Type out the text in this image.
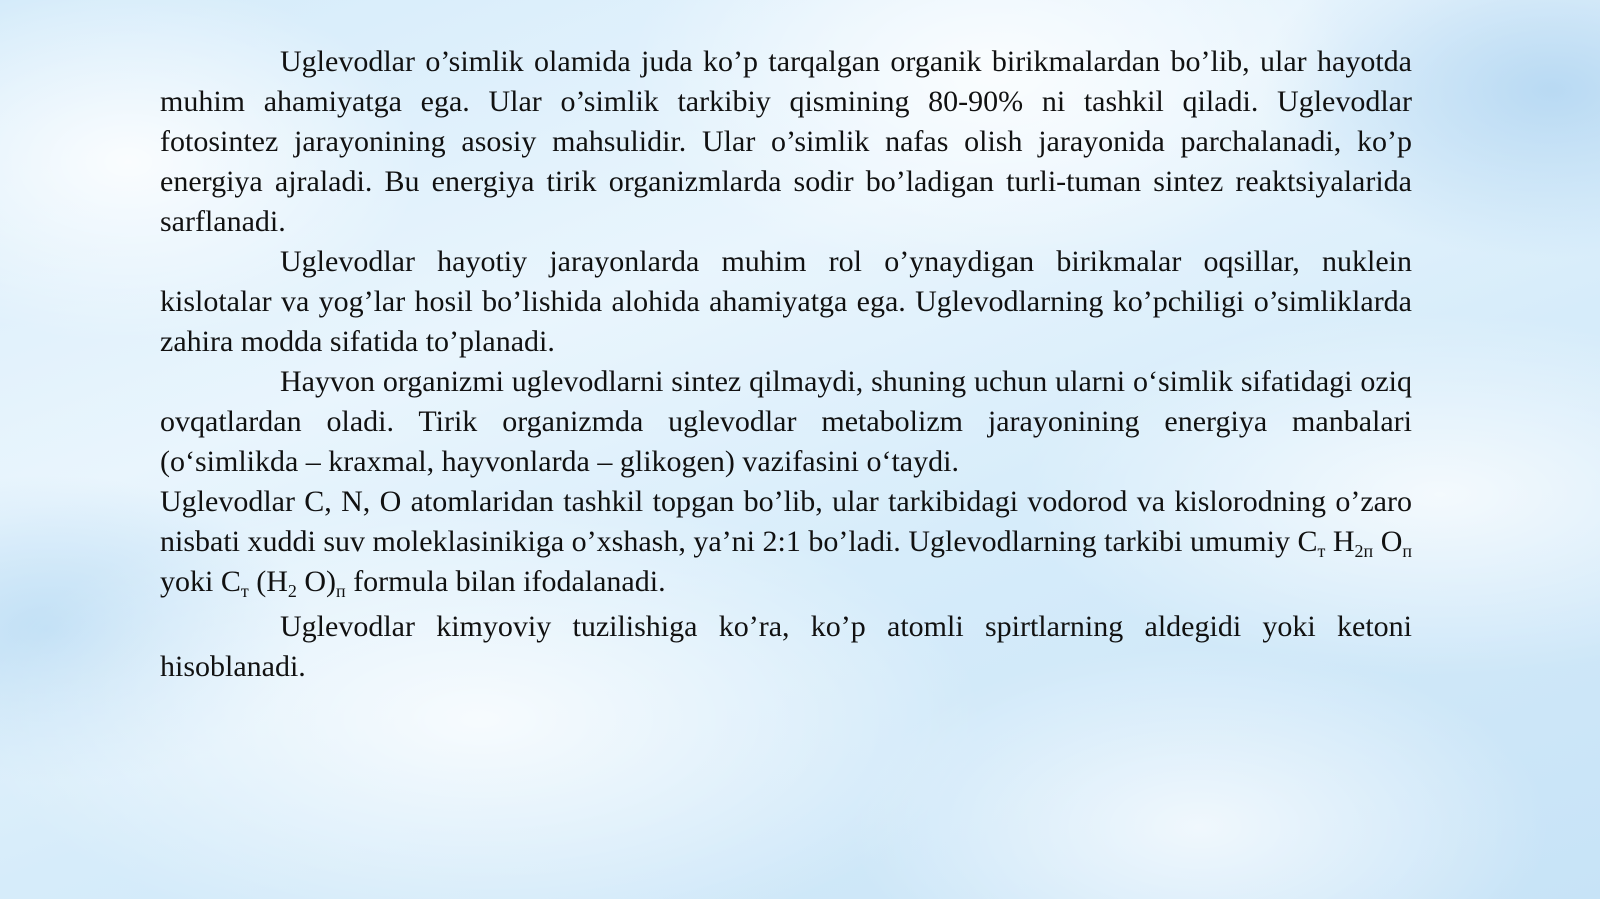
Uglevodlar o’simlik olamida juda ko’p tarqalgan organik birikmalardan bo’lib, ular hayotda muhim ahamiyatga ega. Ular o’simlik tarkibiy qismining 80-90% ni tashkil qiladi. Uglevodlar fotosintez jarayonining asosiy mahsulidir. Ular o’simlik nafas olish jarayonida parchalanadi, ko’p energiya ajraladi. Bu energiya tirik organizmlarda sodir bo’ladigan turli-tuman sintez reaktsiyalarida sarflanadi.

Uglevodlar hayotiy jarayonlarda muhim rol o’ynaydigan birikmalar oqsillar, nuklein kislotalar va yog’lar hosil bo’lishida alohida ahamiyatga ega. Uglevodlarning ko’pchiligi o’simliklarda zahira modda sifatida to’planadi.

Hayvon organizmi uglevodlarni sintez qilmaydi, shuning uchun ularni o‘simlik sifatidagi oziq ovqatlardan oladi. Tirik organizmda uglevodlar metabolizm jarayonining energiya manbalari (o‘simlikda – kraxmal, hayvonlarda – glikogen) vazifasini o‘taydi.

Uglevodlar C, N, O atomlaridan tashkil topgan bo’lib, ular tarkibidagi vodorod va kislorodning o’zaro nisbati xuddi suv moleklasinikiga o’xshash, ya’ni 2:1 bo’ladi. Uglevodlarning tarkibi umumiy $C_т$ $H_{2п}$ $O_п$ yoki $C_т$ ($H_2$ $O)_п$ formula bilan ifodalanadi.

Uglevodlar kimyoviy tuzilishiga ko’ra, ko’p atomli spirtlarning aldegidi yoki ketoni hisoblanadi.
